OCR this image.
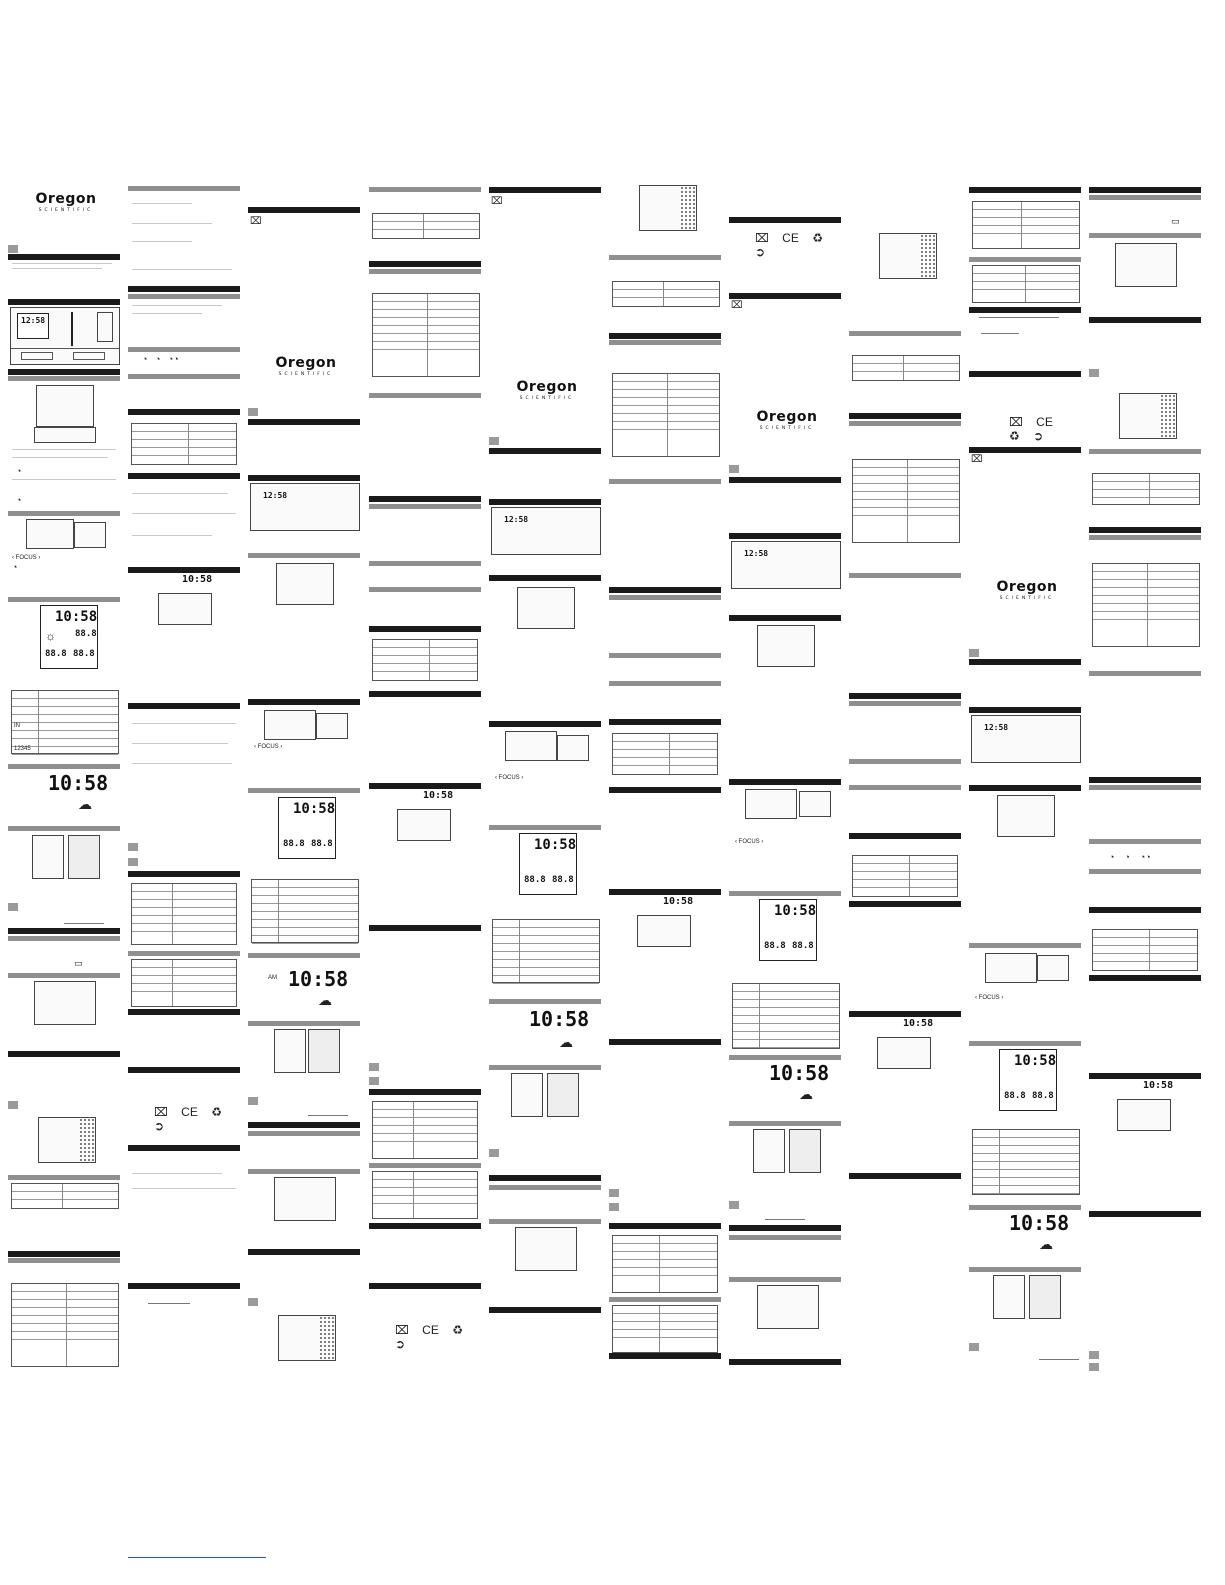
Oregon
SCIENTIFIC
12:58
◔
◔
‹ FOCUS ›
◔
10:58
☼ 88.8
88.8 88.8
IN
12345
10:58
☁
▭
◔   ◔   ◔◔
10:58
⌧ CE ♻ ➲
⌧
Oregon
SCIENTIFIC
12:58
‹ FOCUS ›
10:58
88.8 88.8
AM 10:58
☁
10:58
⌧ CE ♻ ➲
⌧
Oregon
SCIENTIFIC
12:58
‹ FOCUS ›
10:58
88.8 88.8
10:58
☁
10:58
⌧ CE ♻ ➲
⌧
Oregon
SCIENTIFIC
12:58
‹ FOCUS ›
10:58
88.8 88.8
10:58
☁
10:58
⌧ CE ♻ ➲
⌧
Oregon
SCIENTIFIC
12:58
‹ FOCUS ›
10:58
88.8 88.8
10:58
☁
▭
◔    ◔    ◔◔
10:58
